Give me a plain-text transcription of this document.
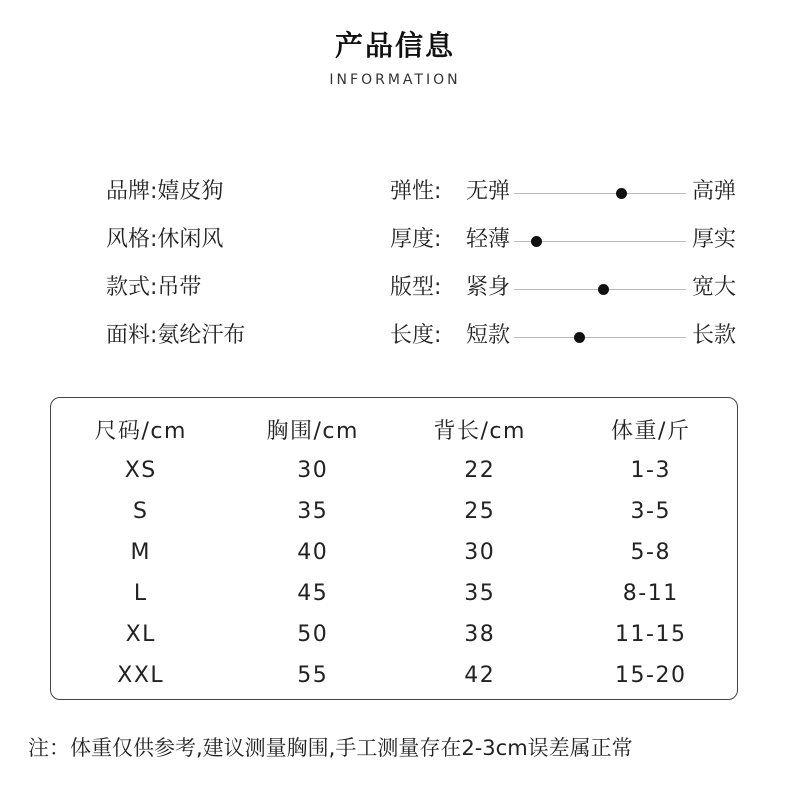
产品信息
INFORMATION
品牌:嬉皮狗
风格:休闲风
款式:吊带
面料:氨纶汗布
弹性: 无弹	高弹
厚度: 轻薄	厚实
版型: 紧身	宽大
长度: 短款	长款
尺码/cm	胸围/cm	背长/cm	体重/斤
XS	30	22	1-3
S	35	25	3-5
M	40	30	5-8
L	45	35	8-11
XL	50	38	11-15
XXL	55	42	15-20
注：体重仅供参考,建议测量胸围,手工测量存在2-3cm误差属正常
